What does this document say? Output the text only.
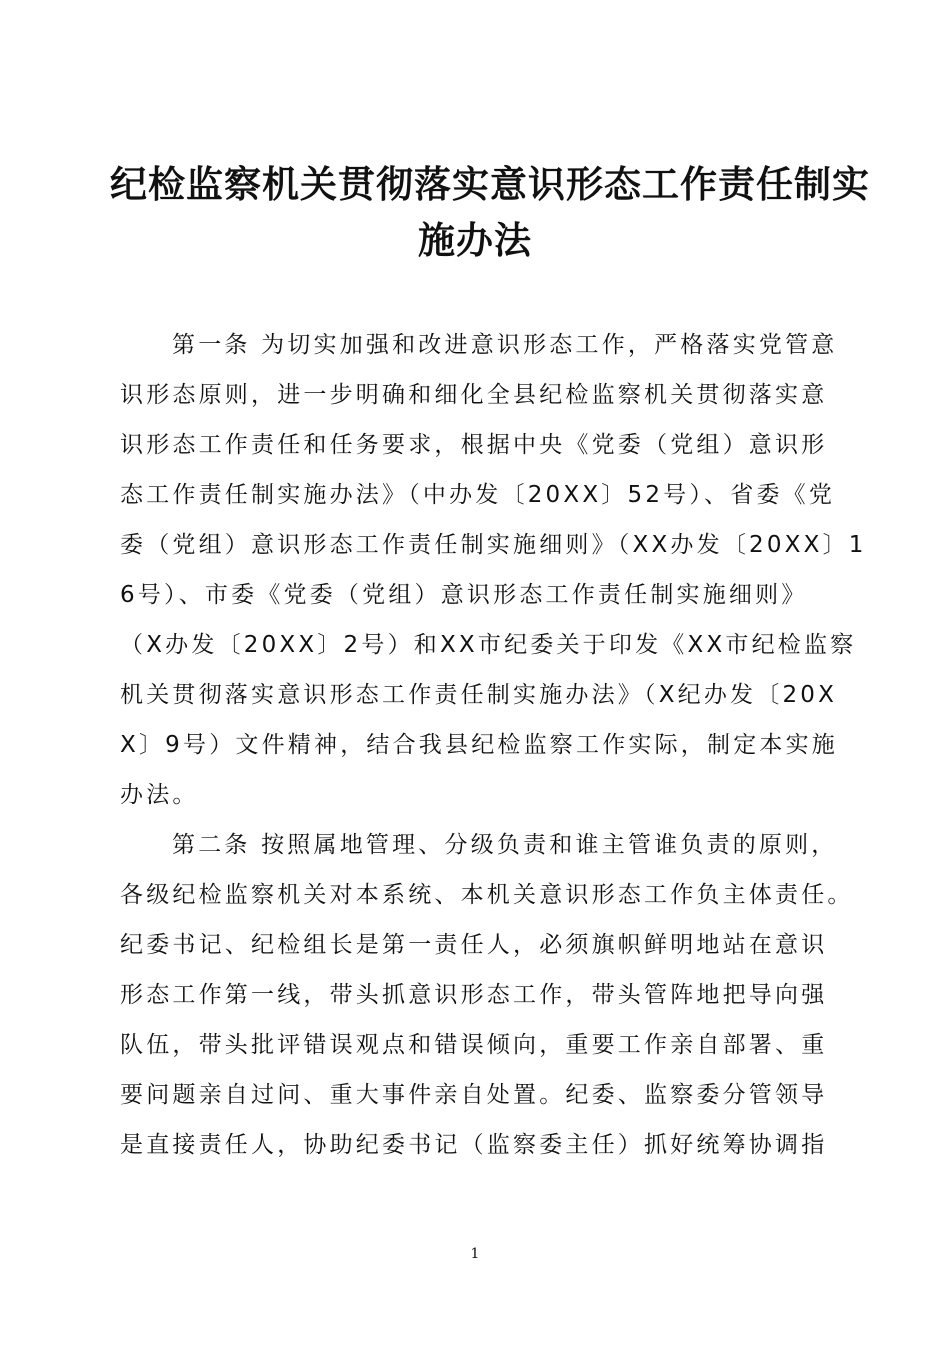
纪检监察机关贯彻落实意识形态工作责任制实
施办法
第一条 为切实加强和改进意识形态工作，严格落实党管意
识形态原则，进一步明确和细化全县纪检监察机关贯彻落实意
识形态工作责任和任务要求，根据中央《党委（党组）意识形
态工作责任制实施办法》（中办发〔20XX〕52号）、省委《党
委（党组）意识形态工作责任制实施细则》（XX办发〔20XX〕1
6号）、市委《党委（党组）意识形态工作责任制实施细则》
（X办发〔20XX〕2号）和XX市纪委关于印发《XX市纪检监察
机关贯彻落实意识形态工作责任制实施办法》（X纪办发〔20X
X〕9号）文件精神，结合我县纪检监察工作实际，制定本实施
办法。
第二条 按照属地管理、分级负责和谁主管谁负责的原则，
各级纪检监察机关对本系统、本机关意识形态工作负主体责任。
纪委书记、纪检组长是第一责任人，必须旗帜鲜明地站在意识
形态工作第一线，带头抓意识形态工作，带头管阵地把导向强
队伍，带头批评错误观点和错误倾向，重要工作亲自部署、重
要问题亲自过问、重大事件亲自处置。纪委、监察委分管领导
是直接责任人，协助纪委书记（监察委主任）抓好统筹协调指
1
